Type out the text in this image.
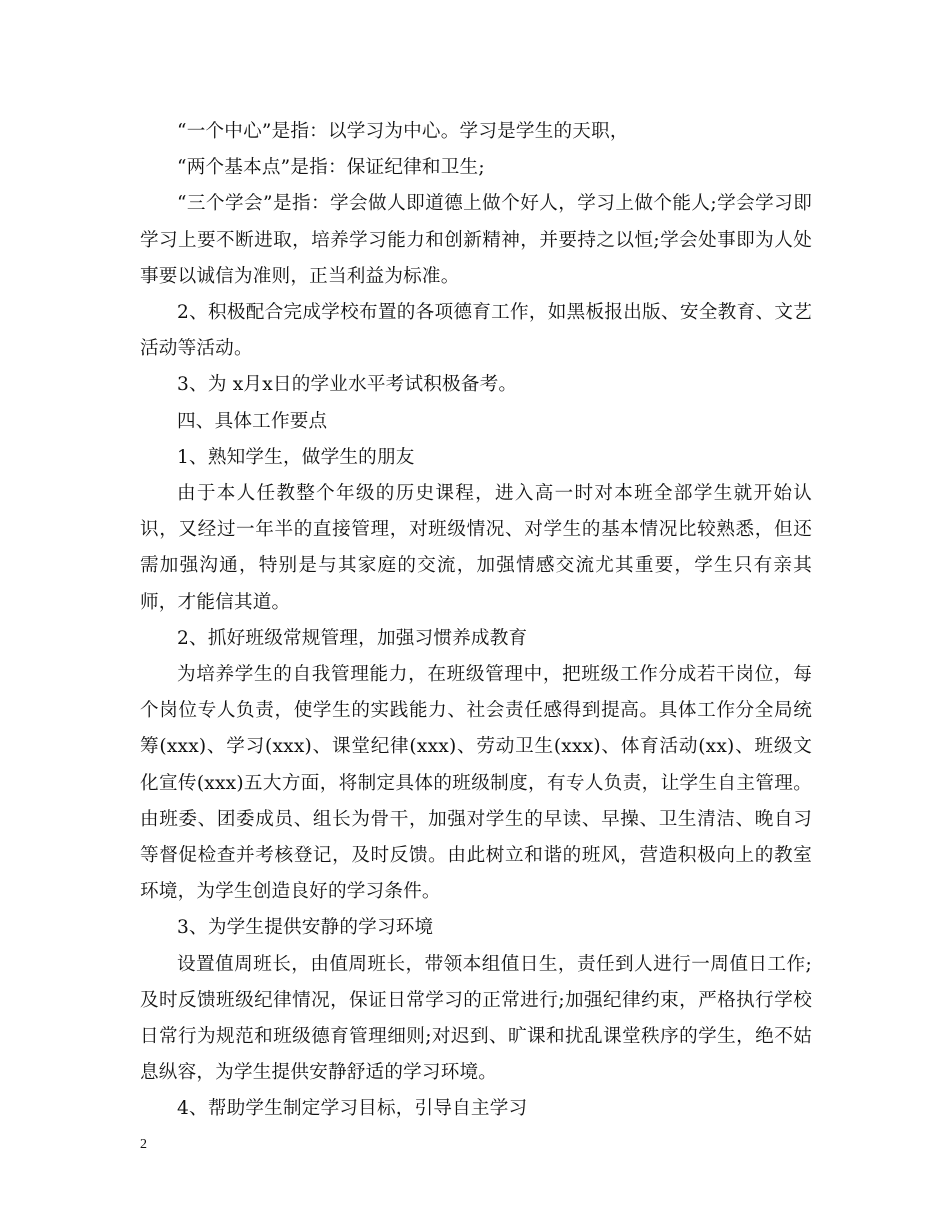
“一个中心”是指：以学习为中心。学习是学生的天职，

“两个基本点”是指：保证纪律和卫生;

“三个学会”是指：学会做人即道德上做个好人，学习上做个能人;学会学习即学习上要不断进取，培养学习能力和创新精神，并要持之以恒;学会处事即为人处事要以诚信为准则，正当利益为标准。

2、积极配合完成学校布置的各项德育工作，如黑板报出版、安全教育、文艺活动等活动。

3、为 x月x日的学业水平考试积极备考。

四、具体工作要点

1、熟知学生，做学生的朋友

由于本人任教整个年级的历史课程，进入高一时对本班全部学生就开始认识，又经过一年半的直接管理，对班级情况、对学生的基本情况比较熟悉，但还需加强沟通，特别是与其家庭的交流，加强情感交流尤其重要，学生只有亲其师，才能信其道。

2、抓好班级常规管理，加强习惯养成教育

为培养学生的自我管理能力，在班级管理中，把班级工作分成若干岗位，每个岗位专人负责，使学生的实践能力、社会责任感得到提高。具体工作分全局统筹(xxx)、学习(xxx)、课堂纪律(xxx)、劳动卫生(xxx)、体育活动(xx)、班级文化宣传(xxx)五大方面，将制定具体的班级制度，有专人负责，让学生自主管理。由班委、团委成员、组长为骨干，加强对学生的早读、早操、卫生清洁、晚自习等督促检查并考核登记，及时反馈。由此树立和谐的班风，营造积极向上的教室环境，为学生创造良好的学习条件。

3、为学生提供安静的学习环境

设置值周班长，由值周班长，带领本组值日生，责任到人进行一周值日工作;及时反馈班级纪律情况，保证日常学习的正常进行;加强纪律约束，严格执行学校日常行为规范和班级德育管理细则;对迟到、旷课和扰乱课堂秩序的学生，绝不姑息纵容，为学生提供安静舒适的学习环境。

4、帮助学生制定学习目标，引导自主学习

2
